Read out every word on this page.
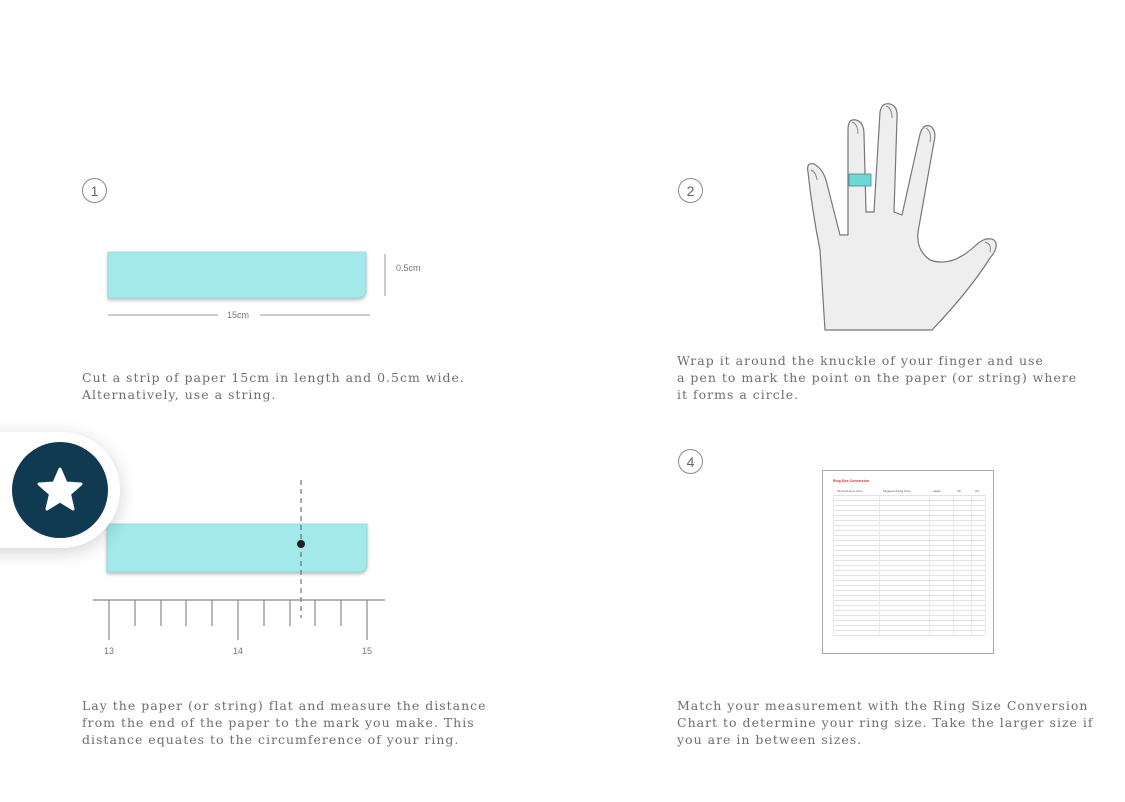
1
0.5cm
15cm

Cut a strip of paper 15cm in length and 0.5cm wide.
Alternatively, use a string.

2

Wrap it around the knuckle of your finger and use
a pen to mark the point on the paper (or string) where
it forms a circle.

13	14	15

Lay the paper (or string) flat and measure the distance
from the end of the paper to the mark you make. This
distance equates to the circumference of your ring.

4
Ring Size Conversion
Circumference (mm)	Singapore/Hong Kong	Japan	UK	US

Match your measurement with the Ring Size Conversion
Chart to determine your ring size. Take the larger size if
you are in between sizes.
